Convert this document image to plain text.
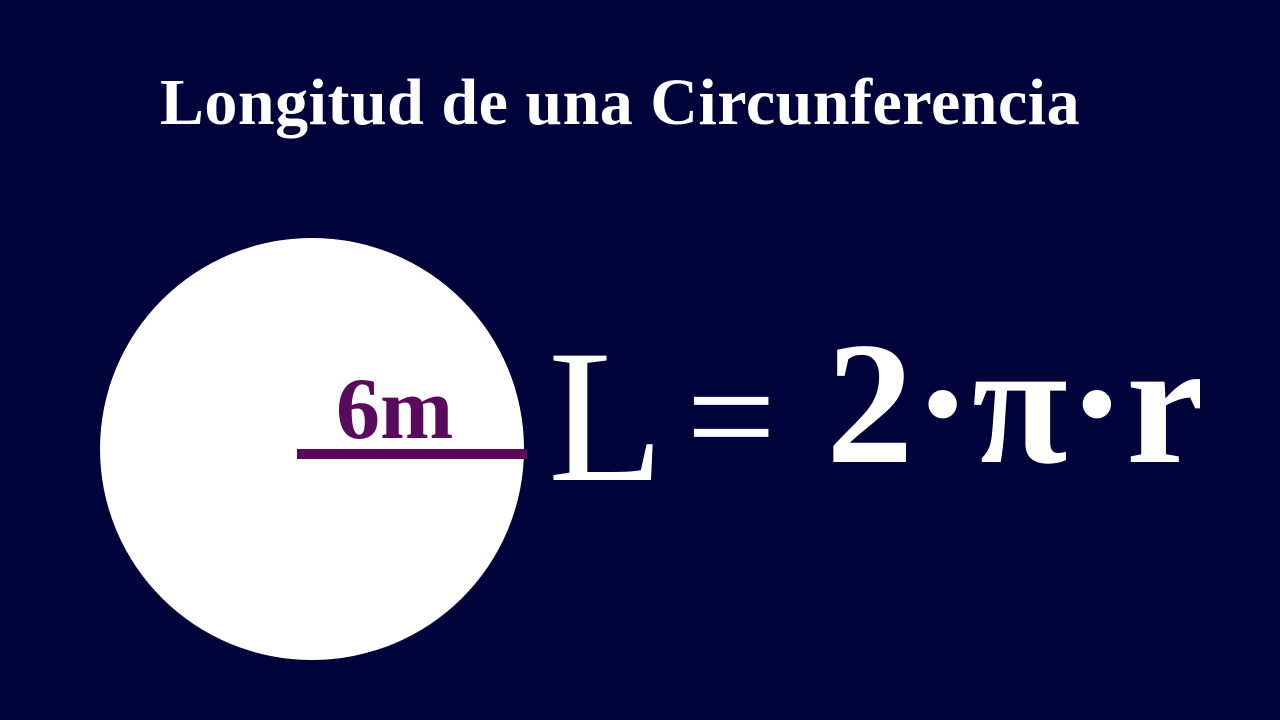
Longitud de una Circunferencia
6m L = 2·π·r
